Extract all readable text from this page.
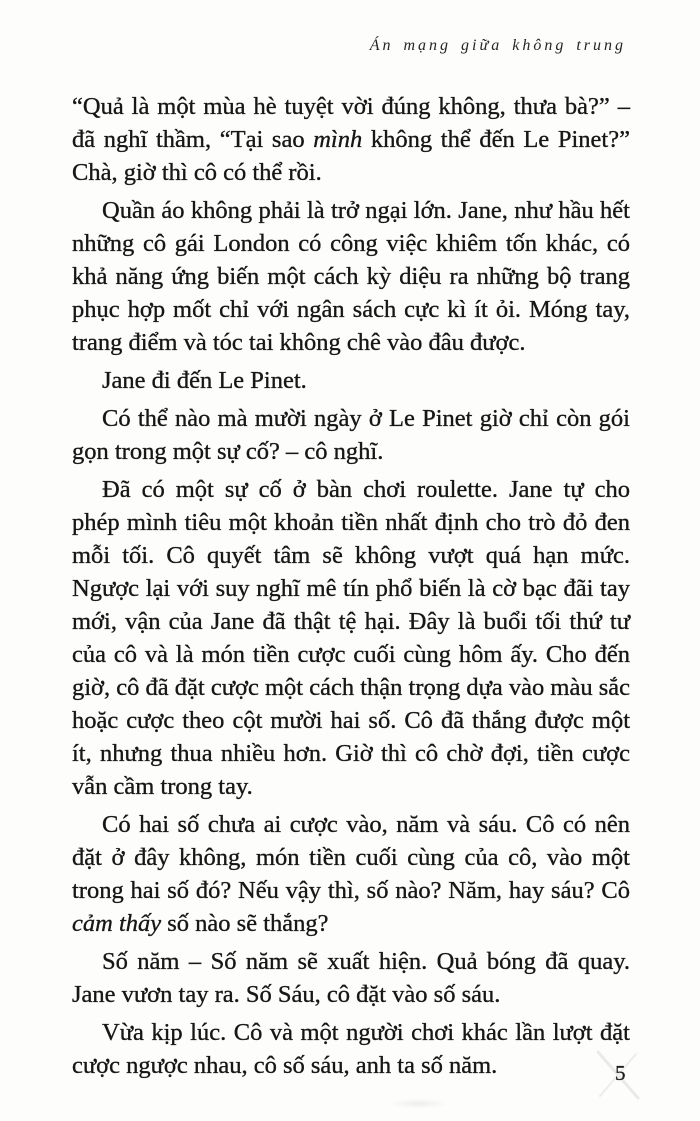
Án mạng giữa không trung

“Quả là một mùa hè tuyệt vời đúng không, thưa bà?” – đã nghĩ thầm, “Tại sao mình không thể đến Le Pinet?” Chà, giờ thì cô có thể rồi.

Quần áo không phải là trở ngại lớn. Jane, như hầu hết những cô gái London có công việc khiêm tốn khác, có khả năng ứng biến một cách kỳ diệu ra những bộ trang phục hợp mốt chỉ với ngân sách cực kì ít ỏi. Móng tay, trang điểm và tóc tai không chê vào đâu được.

Jane đi đến Le Pinet.

Có thể nào mà mười ngày ở Le Pinet giờ chỉ còn gói gọn trong một sự cố? – cô nghĩ.

Đã có một sự cố ở bàn chơi roulette. Jane tự cho phép mình tiêu một khoản tiền nhất định cho trò đỏ đen mỗi tối. Cô quyết tâm sẽ không vượt quá hạn mức. Ngược lại với suy nghĩ mê tín phổ biến là cờ bạc đãi tay mới, vận của Jane đã thật tệ hại. Đây là buổi tối thứ tư của cô và là món tiền cược cuối cùng hôm ấy. Cho đến giờ, cô đã đặt cược một cách thận trọng dựa vào màu sắc hoặc cược theo cột mười hai số. Cô đã thắng được một ít, nhưng thua nhiều hơn. Giờ thì cô chờ đợi, tiền cược vẫn cầm trong tay.

Có hai số chưa ai cược vào, năm và sáu. Cô có nên đặt ở đây không, món tiền cuối cùng của cô, vào một trong hai số đó? Nếu vậy thì, số nào? Năm, hay sáu? Cô cảm thấy số nào sẽ thắng?

Số năm – Số năm sẽ xuất hiện. Quả bóng đã quay. Jane vươn tay ra. Số Sáu, cô đặt vào số sáu.

Vừa kịp lúc. Cô và một người chơi khác lần lượt đặt cược ngược nhau, cô số sáu, anh ta số năm.	5
